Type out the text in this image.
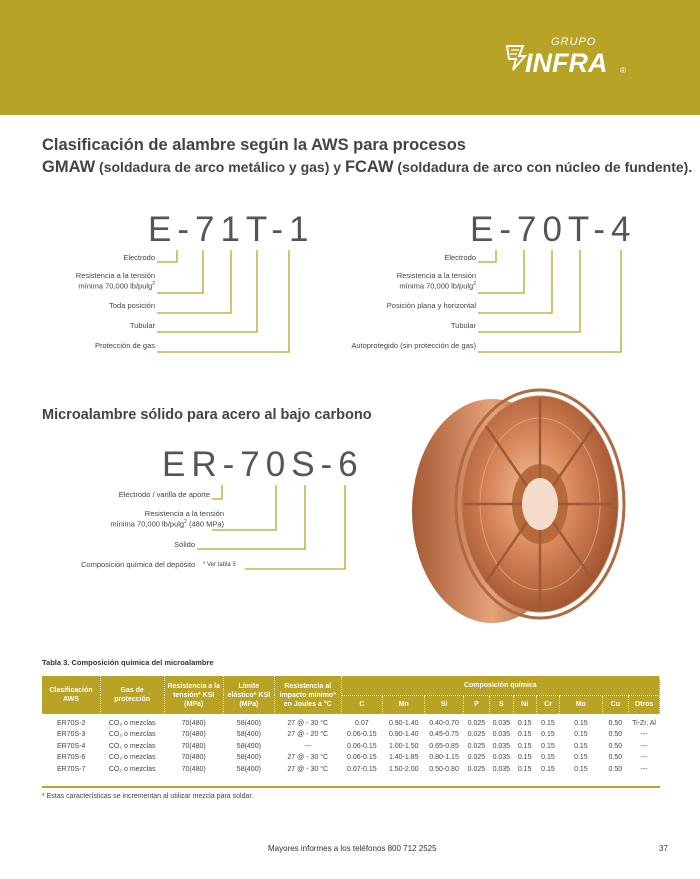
GRUPO
INFRA ®
Clasificación de alambre según la AWS para procesos
GMAW (soldadura de arco metálico y gas) y FCAW (soldadura de arco con núcleo de fundente).
E-71T-1
Electrodo
Resistencia a la tensión
mínima 70,000 lb/pulg$^2$
Toda posición
Tubular
Protección de gas
E-70T-4
Electrodo
Resistencia a la tensión
mínima 70,000 lb/pulg$^2$
Posición plana y horizontal
Tubular
Autoprotegido (sin protección de gas)
Microalambre sólido para acero al bajo carbono
ER-70S-6
Electrodo / varilla de aporte
Resistencia a la tensión
mínima 70,000 lb/pulg$^2$ (480 MPa)
Sólido
Composición química del depósito * Ver tabla 3
Tabla 3. Composición química del microalambre
Clasificación AWS	Gas de protección	Resistencia a la tensión* KSI (MPa)	Límite elástico* KSI (MPa)	Resistencia al impacto mínimo* en Joules a °C	Composición química									
					C	Mn	Si	P	S	Ni	Cr	Mo	Cu	Otros
ER70S-2	CO₂ o mezclas	70(480)	58(400)	27 @ - 30 °C	0.07	0.90-1.40	0.40-0.70	0.025	0.035	0.15	0.15	0.15	0.50	Ti-Zr, Al
ER70S-3	CO₂ o mezclas	70(480)	58(400)	27 @ - 20 °C	0.06-0.15	0.90-1.40	0.45-0.75	0.025	0.035	0.15	0.15	0.15	0.50	---
ER70S-4	CO₂ o mezclas	70(480)	58(400)	---	0.06-0.15	1.00-1.50	0.65-0.85	0.025	0.035	0.15	0.15	0.15	0.50	---
ER70S-6	CO₂ o mezclas	70(480)	58(400)	27 @ - 30 °C	0.06-0.15	1.40-1.85	0.80-1.15	0.025	0.035	0.15	0.15	0.15	0.50	---
ER70S-7	CO₂ o mezclas	70(480)	58(400)	27 @ - 30 °C	0.07-0.15	1.50-2.00	0.50-0.80	0.025	0.035	0.15	0.15	0.15	0.50	---
* Estas características se incrementan al utilizar mezcla para soldar.
Mayores informes a los teléfonos 800 712 2525	37
